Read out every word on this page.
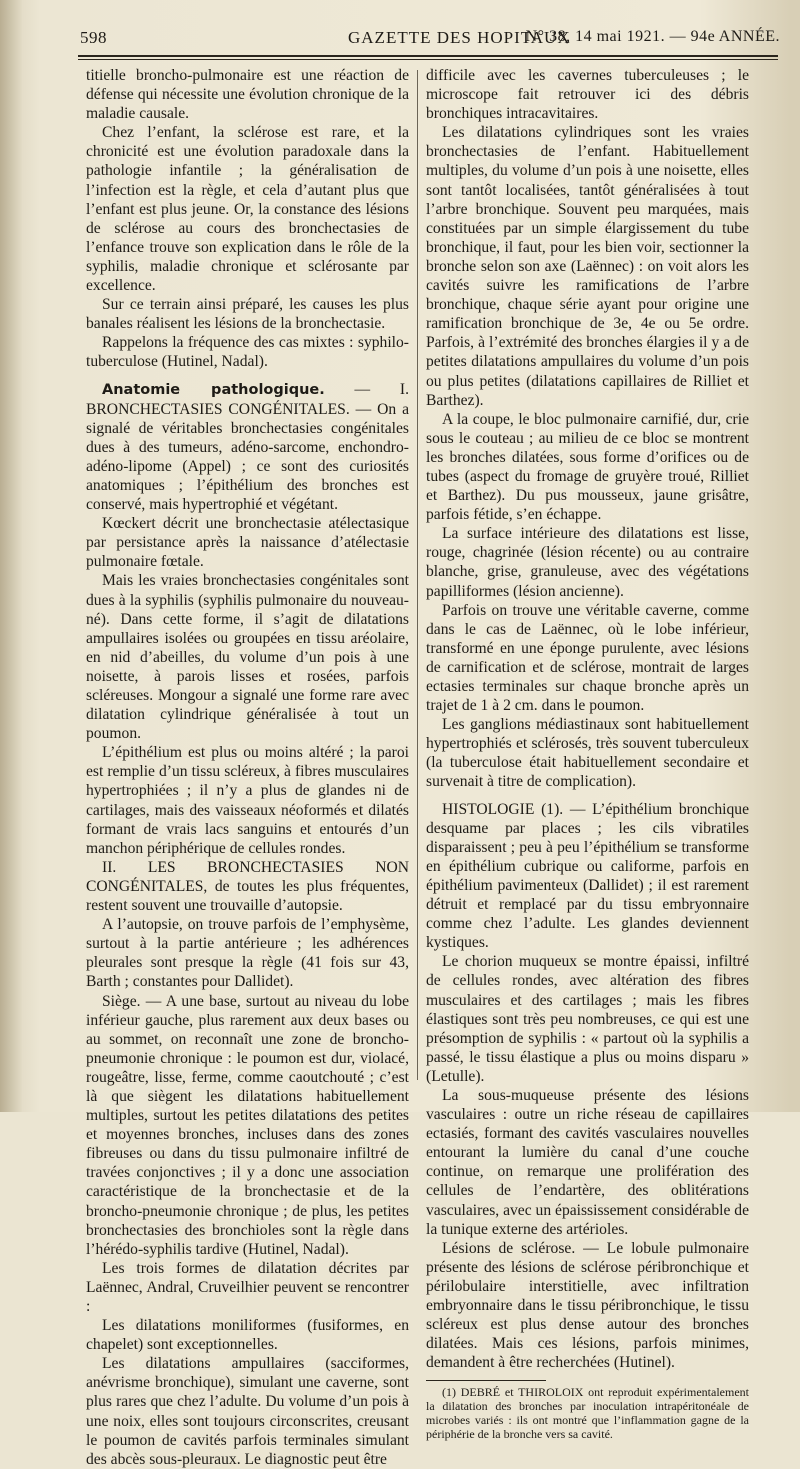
598	GAZETTE DES HOPITAUX
N° 38, 14 mai 1921. — 94e ANNÉE.

titielle broncho-pulmonaire est une réaction de défense qui nécessite une évolution chronique de la maladie causale.

Chez l’enfant, la sclérose est rare, et la chronicité est une évolution paradoxale dans la pathologie infantile ; la généralisation de l’infection est la règle, et cela d’autant plus que l’enfant est plus jeune. Or, la constance des lésions de sclérose au cours des bronchectasies de l’enfance trouve son explication dans le rôle de la syphilis, maladie chronique et sclérosante par excellence.

Sur ce terrain ainsi préparé, les causes les plus banales réalisent les lésions de la bronchectasie.

Rappelons la fréquence des cas mixtes : syphilo-tuberculose (Hutinel, Nadal).

Anatomie pathologique. — I. BRONCHECTASIES CONGÉNITALES. — On a signalé de véritables bronchectasies congénitales dues à des tumeurs, adéno-sarcome, enchondro-adéno-lipome (Appel) ; ce sont des curiosités anatomiques ; l’épithélium des bronches est conservé, mais hypertrophié et végétant.

Kœckert décrit une bronchectasie atélectasique par persistance après la naissance d’atélectasie pulmonaire fœtale.

Mais les vraies bronchectasies congénitales sont dues à la syphilis (syphilis pulmonaire du nouveau-né). Dans cette forme, il s’agit de dilatations ampullaires isolées ou groupées en tissu aréolaire, en nid d’abeilles, du volume d’un pois à une noisette, à parois lisses et rosées, parfois scléreuses. Mongour a signalé une forme rare avec dilatation cylindrique généralisée à tout un poumon.

L’épithélium est plus ou moins altéré ; la paroi est remplie d’un tissu scléreux, à fibres musculaires hypertrophiées ; il n’y a plus de glandes ni de cartilages, mais des vaisseaux néoformés et dilatés formant de vrais lacs sanguins et entourés d’un manchon périphérique de cellules rondes.

II. LES BRONCHECTASIES NON CONGÉNITALES, de toutes les plus fréquentes, restent souvent une trouvaille d’autopsie.

A l’autopsie, on trouve parfois de l’emphysème, surtout à la partie antérieure ; les adhérences pleurales sont presque la règle (41 fois sur 43, Barth ; constantes pour Dallidet).

Siège. — A une base, surtout au niveau du lobe inférieur gauche, plus rarement aux deux bases ou au sommet, on reconnaît une zone de broncho-pneumonie chronique : le poumon est dur, violacé, rougeâtre, lisse, ferme, comme caoutchouté ; c’est là que siègent les dilatations habituellement multiples, surtout les petites dilatations des petites et moyennes bronches, incluses dans des zones fibreuses ou dans du tissu pulmonaire infiltré de travées conjonctives ; il y a donc une association caractéristique de la bronchectasie et de la broncho-pneumonie chronique ; de plus, les petites bronchectasies des bronchioles sont la règle dans l’hérédo-syphilis tardive (Hutinel, Nadal).

Les trois formes de dilatation décrites par Laënnec, Andral, Cruveilhier peuvent se rencontrer :

Les dilatations moniliformes (fusiformes, en chapelet) sont exceptionnelles.

Les dilatations ampullaires (sacciformes, anévrisme bronchique), simulant une caverne, sont plus rares que chez l’adulte. Du volume d’un pois à une noix, elles sont toujours circonscrites, creusant le poumon de cavités parfois terminales simulant des abcès sous-pleuraux. Le diagnostic peut être

difficile avec les cavernes tuberculeuses ; le microscope fait retrouver ici des débris bronchiques intracavitaires.

Les dilatations cylindriques sont les vraies bronchectasies de l’enfant. Habituellement multiples, du volume d’un pois à une noisette, elles sont tantôt localisées, tantôt généralisées à tout l’arbre bronchique. Souvent peu marquées, mais constituées par un simple élargissement du tube bronchique, il faut, pour les bien voir, sectionner la bronche selon son axe (Laënnec) : on voit alors les cavités suivre les ramifications de l’arbre bronchique, chaque série ayant pour origine une ramification bronchique de 3e, 4e ou 5e ordre. Parfois, à l’extrémité des bronches élargies il y a de petites dilatations ampullaires du volume d’un pois ou plus petites (dilatations capillaires de Rilliet et Barthez).

A la coupe, le bloc pulmonaire carnifié, dur, crie sous le couteau ; au milieu de ce bloc se montrent les bronches dilatées, sous forme d’orifices ou de tubes (aspect du fromage de gruyère troué, Rilliet et Barthez). Du pus mousseux, jaune grisâtre, parfois fétide, s’en échappe.

La surface intérieure des dilatations est lisse, rouge, chagrinée (lésion récente) ou au contraire blanche, grise, granuleuse, avec des végétations papilliformes (lésion ancienne).

Parfois on trouve une véritable caverne, comme dans le cas de Laënnec, où le lobe inférieur, transformé en une éponge purulente, avec lésions de carnification et de sclérose, montrait de larges ectasies terminales sur chaque bronche après un trajet de 1 à 2 cm. dans le poumon.

Les ganglions médiastinaux sont habituellement hypertrophiés et sclérosés, très souvent tuberculeux (la tuberculose était habituellement secondaire et survenait à titre de complication).

HISTOLOGIE (1). — L’épithélium bronchique desquame par places ; les cils vibratiles disparaissent ; peu à peu l’épithélium se transforme en épithélium cubrique ou califorme, parfois en épithélium pavimenteux (Dallidet) ; il est rarement détruit et remplacé par du tissu embryonnaire comme chez l’adulte. Les glandes deviennent kystiques.

Le chorion muqueux se montre épaissi, infiltré de cellules rondes, avec altération des fibres musculaires et des cartilages ; mais les fibres élastiques sont très peu nombreuses, ce qui est une présomption de syphilis : « partout où la syphilis a passé, le tissu élastique a plus ou moins disparu » (Letulle).

La sous-muqueuse présente des lésions vasculaires : outre un riche réseau de capillaires ectasiés, formant des cavités vasculaires nouvelles entourant la lumière du canal d’une couche continue, on remarque une prolifération des cellules de l’endartère, des oblitérations vasculaires, avec un épaississement considérable de la tunique externe des artérioles.

Lésions de sclérose. — Le lobule pulmonaire présente des lésions de sclérose péribronchique et périlobulaire interstitielle, avec infiltration embryonnaire dans le tissu péribronchique, le tissu scléreux est plus dense autour des bronches dilatées. Mais ces lésions, parfois minimes, demandent à être recherchées (Hutinel).

(1) DEBRÉ et THIROLOIX ont reproduit expérimentalement la dilatation des bronches par inoculation intrapéritonéale de microbes variés : ils ont montré que l’inflammation gagne de la périphérie de la bronche vers sa cavité.
